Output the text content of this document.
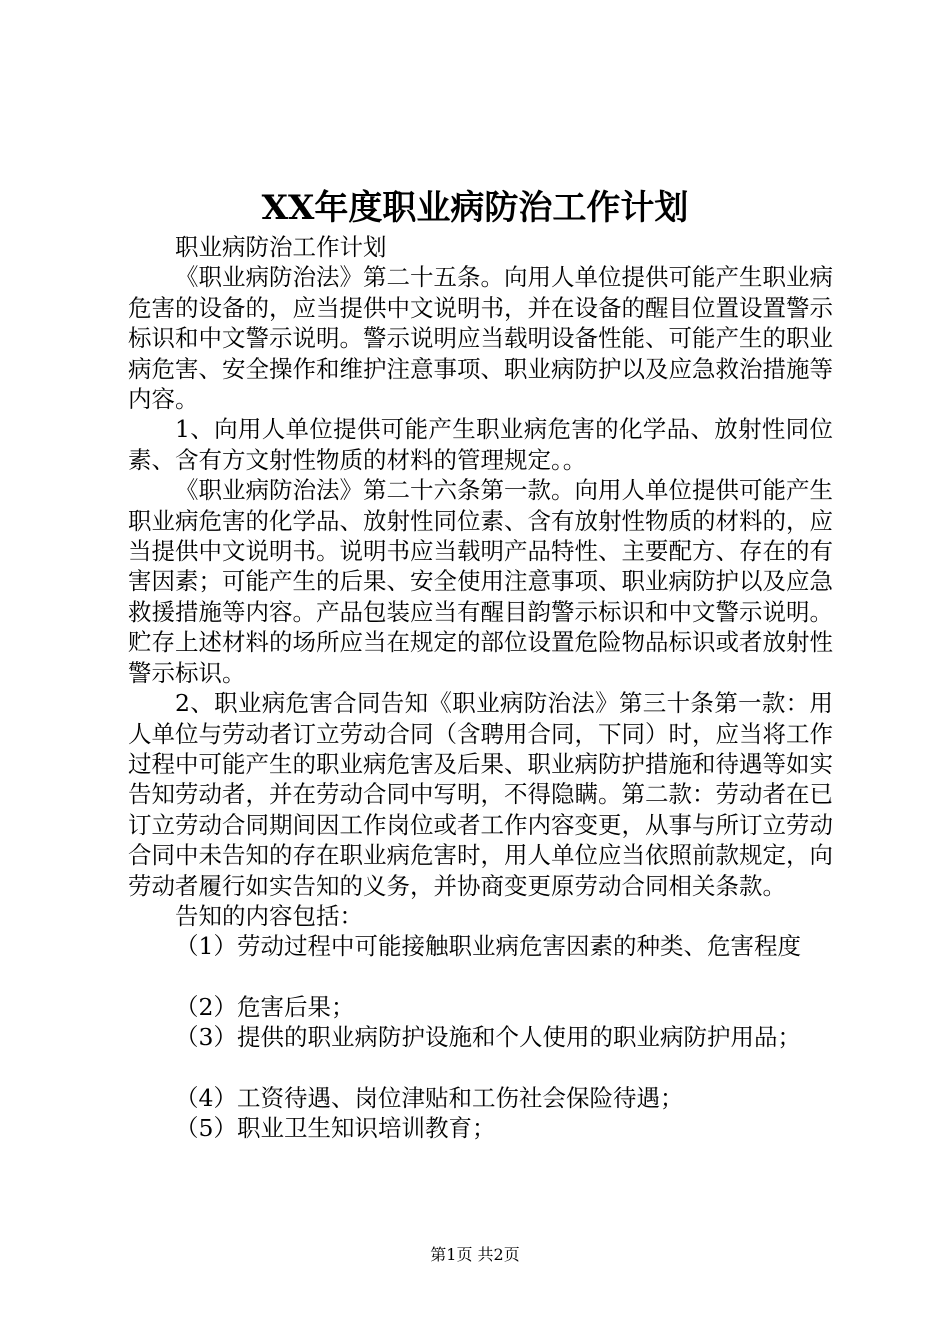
XX年度职业病防治工作计划

职业病防治工作计划

《职业病防治法》第二十五条。向用人单位提供可能产生职业病危害的设备的，应当提供中文说明书，并在设备的醒目位置设置警示标识和中文警示说明。警示说明应当载明设备性能、可能产生的职业病危害、安全操作和维护注意事项、职业病防护以及应急救治措施等内容。

1、向用人单位提供可能产生职业病危害的化学品、放射性同位素、含有方文射性物质的材料的管理规定。。

《职业病防治法》第二十六条第一款。向用人单位提供可能产生职业病危害的化学品、放射性同位素、含有放射性物质的材料的，应当提供中文说明书。说明书应当载明产品特性、主要配方、存在的有害因素；可能产生的后果、安全使用注意事项、职业病防护以及应急救援措施等内容。产品包装应当有醒目韵警示标识和中文警示说明。贮存上述材料的场所应当在规定的部位设置危险物品标识或者放射性警示标识。

2、职业病危害合同告知《职业病防治法》第三十条第一款：用人单位与劳动者订立劳动合同（含聘用合同，下同）时，应当将工作过程中可能产生的职业病危害及后果、职业病防护措施和待遇等如实告知劳动者，并在劳动合同中写明，不得隐瞒。第二款：劳动者在已订立劳动合同期间因工作岗位或者工作内容变更，从事与所订立劳动合同中未告知的存在职业病危害时，用人单位应当依照前款规定，向劳动者履行如实告知的义务，并协商变更原劳动合同相关条款。

告知的内容包括：

（1）劳动过程中可能接触职业病危害因素的种类、危害程度

（2）危害后果；

（3）提供的职业病防护设施和个人使用的职业病防护用品；

（4）工资待遇、岗位津贴和工伤社会保险待遇；

（5）职业卫生知识培训教育；

第1页 共2页
